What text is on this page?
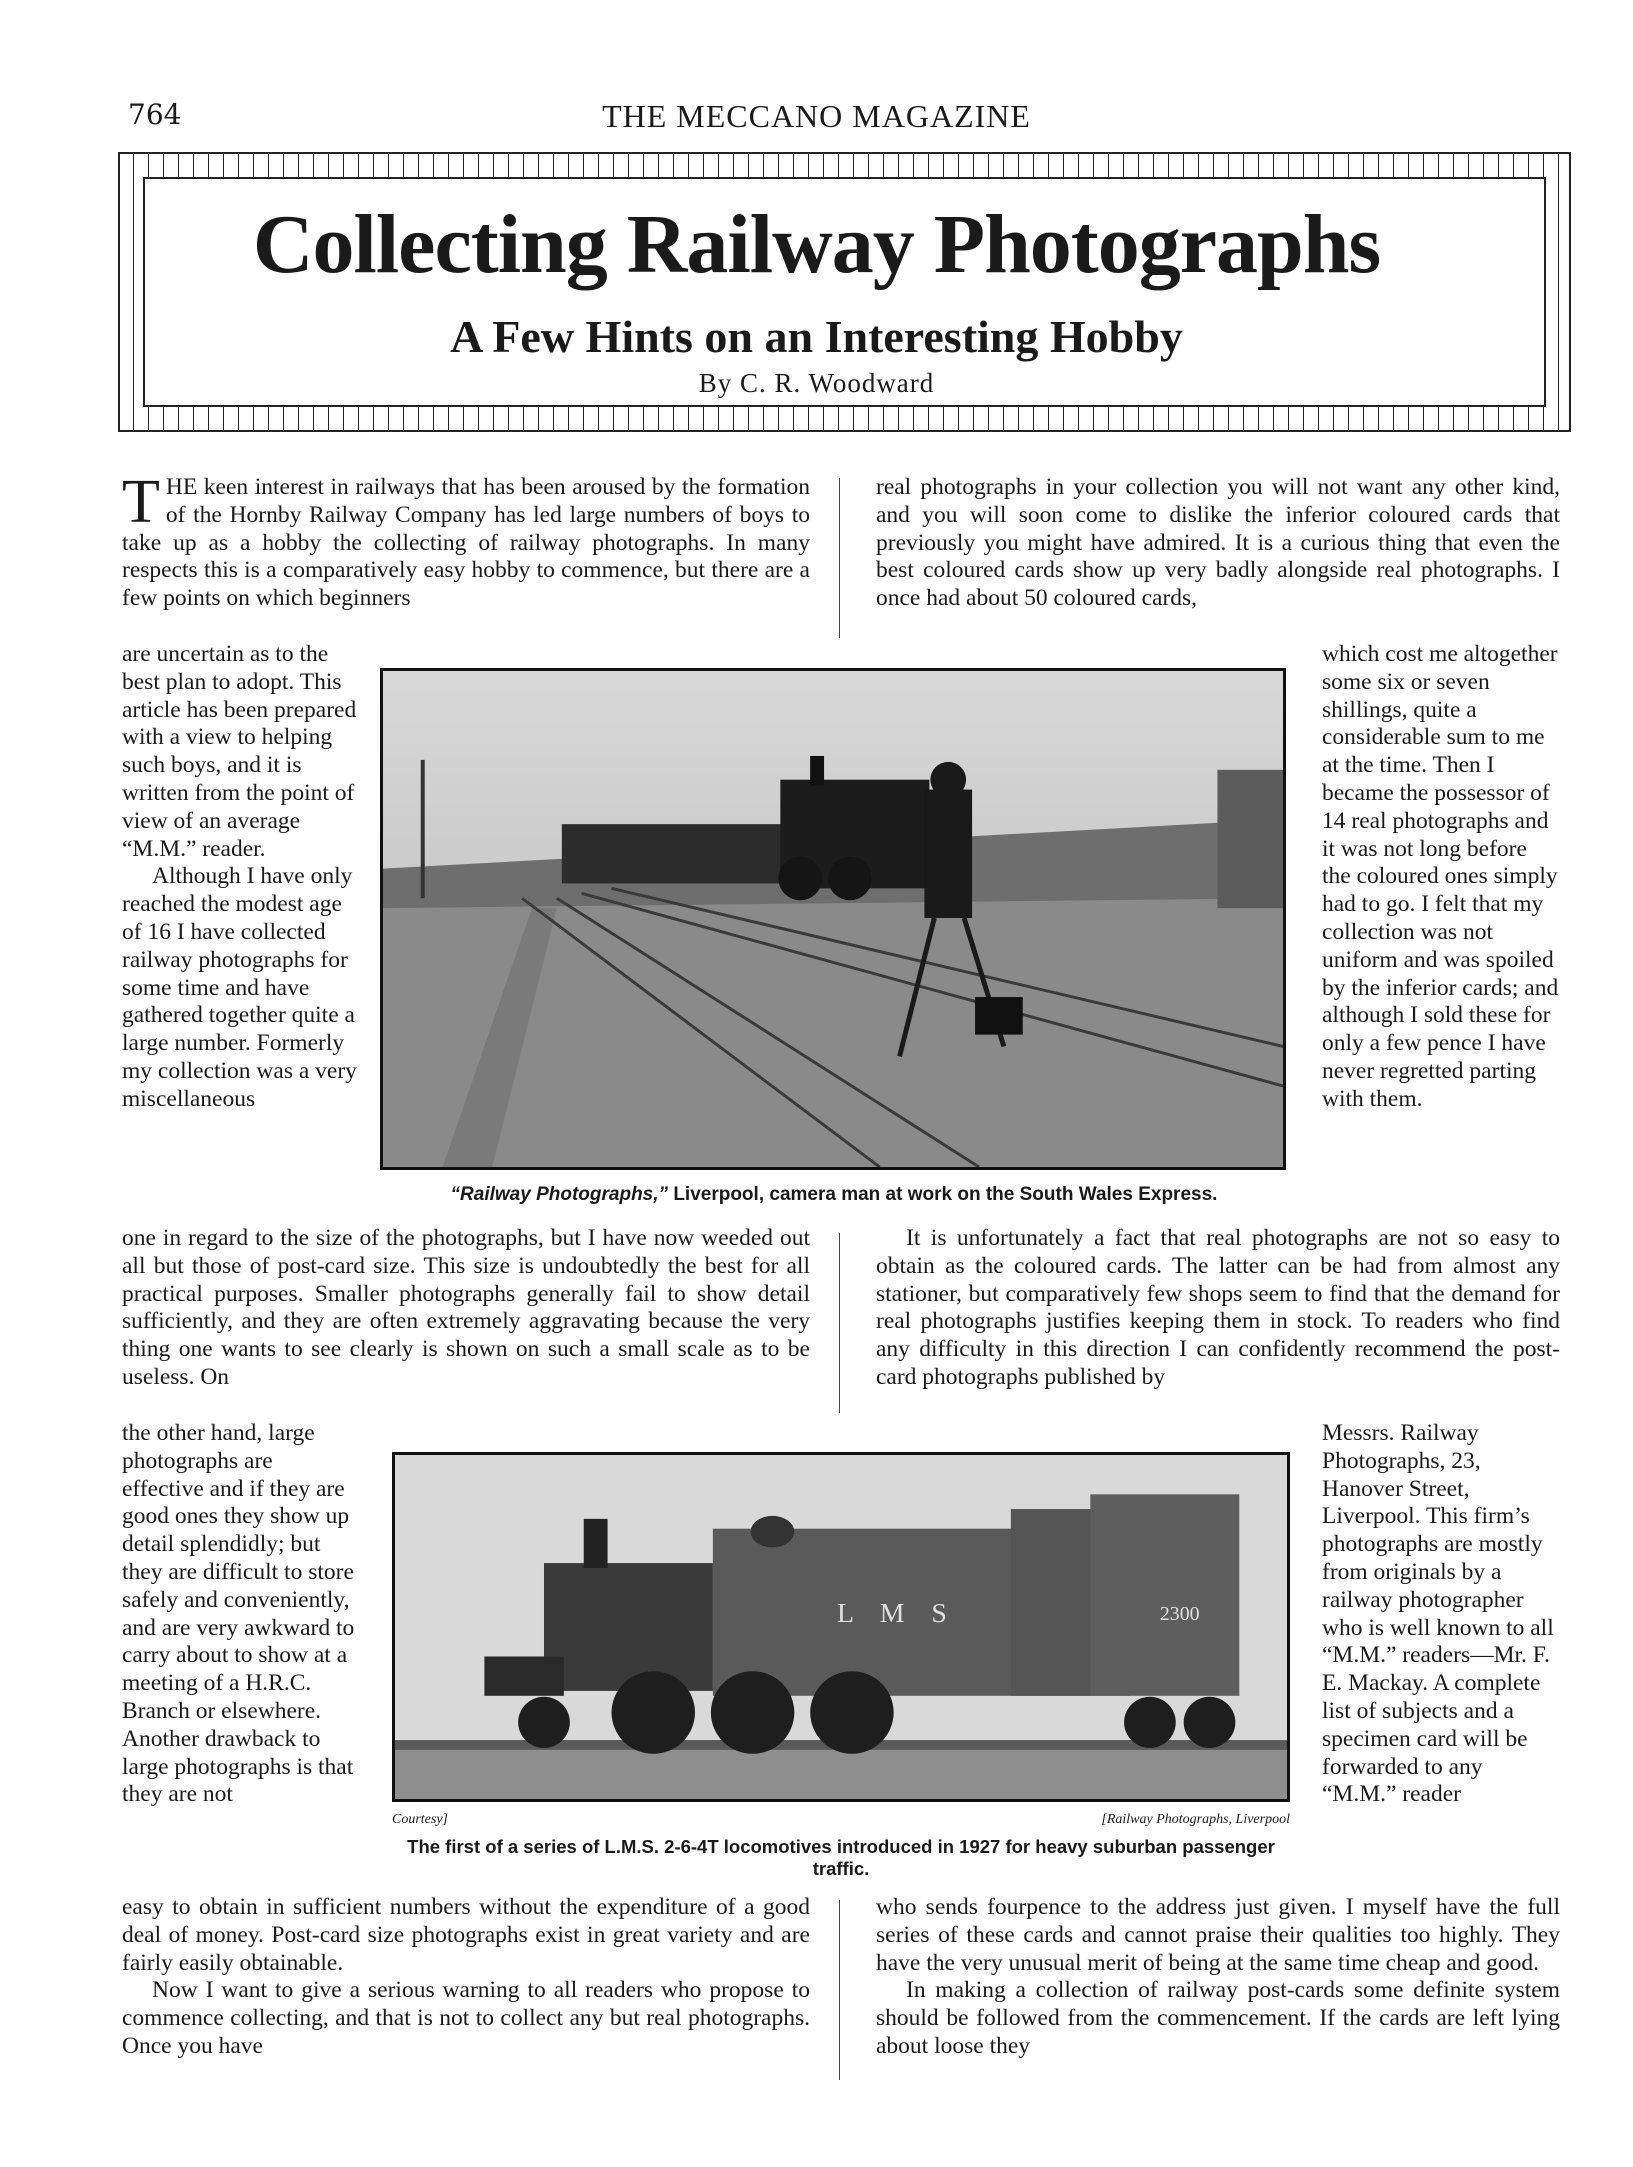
764	THE MECCANO MAGAZINE
Collecting Railway Photographs
A Few Hints on an Interesting Hobby
By C. R. Woodward

THE keen interest in railways that has been aroused by the formation of the Hornby Railway Company has led large numbers of boys to take up as a hobby the collecting of railway photographs. In many respects this is a comparatively easy hobby to commence, but there are a few points on which beginners

real photographs in your collection you will not want any other kind, and you will soon come to dislike the inferior coloured cards that previously you might have admired. It is a curious thing that even the best coloured cards show up very badly alongside real photographs. I once had about 50 coloured cards,

are uncertain as to the best plan to adopt. This article has been prepared with a view to helping such boys, and it is written from the point of view of an average “M.M.” reader.

Although I have only reached the modest age of 16 I have collected railway photographs for some time and have gathered together quite a large number. Formerly my collection was a very miscellaneous

which cost me altogether some six or seven shillings, quite a considerable sum to me at the time. Then I became the possessor of 14 real photographs and it was not long before the coloured ones simply had to go. I felt that my collection was not uniform and was spoiled by the inferior cards; and although I sold these for only a few pence I have never regretted parting with them.

“Railway Photographs,” Liverpool, camera man at work on the South Wales Express.

one in regard to the size of the photographs, but I have now weeded out all but those of post-card size. This size is undoubtedly the best for all practical purposes. Smaller photographs generally fail to show detail sufficiently, and they are often extremely aggravating because the very thing one wants to see clearly is shown on such a small scale as to be useless. On

It is unfortunately a fact that real photographs are not so easy to obtain as the coloured cards. The latter can be had from almost any stationer, but comparatively few shops seem to find that the demand for real photographs justifies keeping them in stock. To readers who find any difficulty in this direction I can confidently recommend the post-card photographs published by

the other hand, large photographs are effective and if they are good ones they show up detail splendidly; but they are difficult to store safely and conveniently, and are very awkward to carry about to show at a meeting of a H.R.C. Branch or elsewhere. Another drawback to large photographs is that they are not

Messrs. Railway Photographs, 23, Hanover Street, Liverpool. This firm’s photographs are mostly from originals by a railway photographer who is well known to all “M.M.” readers—Mr. F. E. Mackay. A complete list of subjects and a specimen card will be forwarded to any “M.M.” reader

L M S	2300
Courtesy]	[Railway Photographs, Liverpool
The first of a series of L.M.S. 2-6-4T locomotives introduced in 1927 for heavy suburban passenger traffic.

easy to obtain in sufficient numbers without the expenditure of a good deal of money. Post-card size photographs exist in great variety and are fairly easily obtainable.

Now I want to give a serious warning to all readers who propose to commence collecting, and that is not to collect any but real photographs. Once you have

who sends fourpence to the address just given. I myself have the full series of these cards and cannot praise their qualities too highly. They have the very unusual merit of being at the same time cheap and good.

In making a collection of railway post-cards some definite system should be followed from the commencement. If the cards are left lying about loose they
